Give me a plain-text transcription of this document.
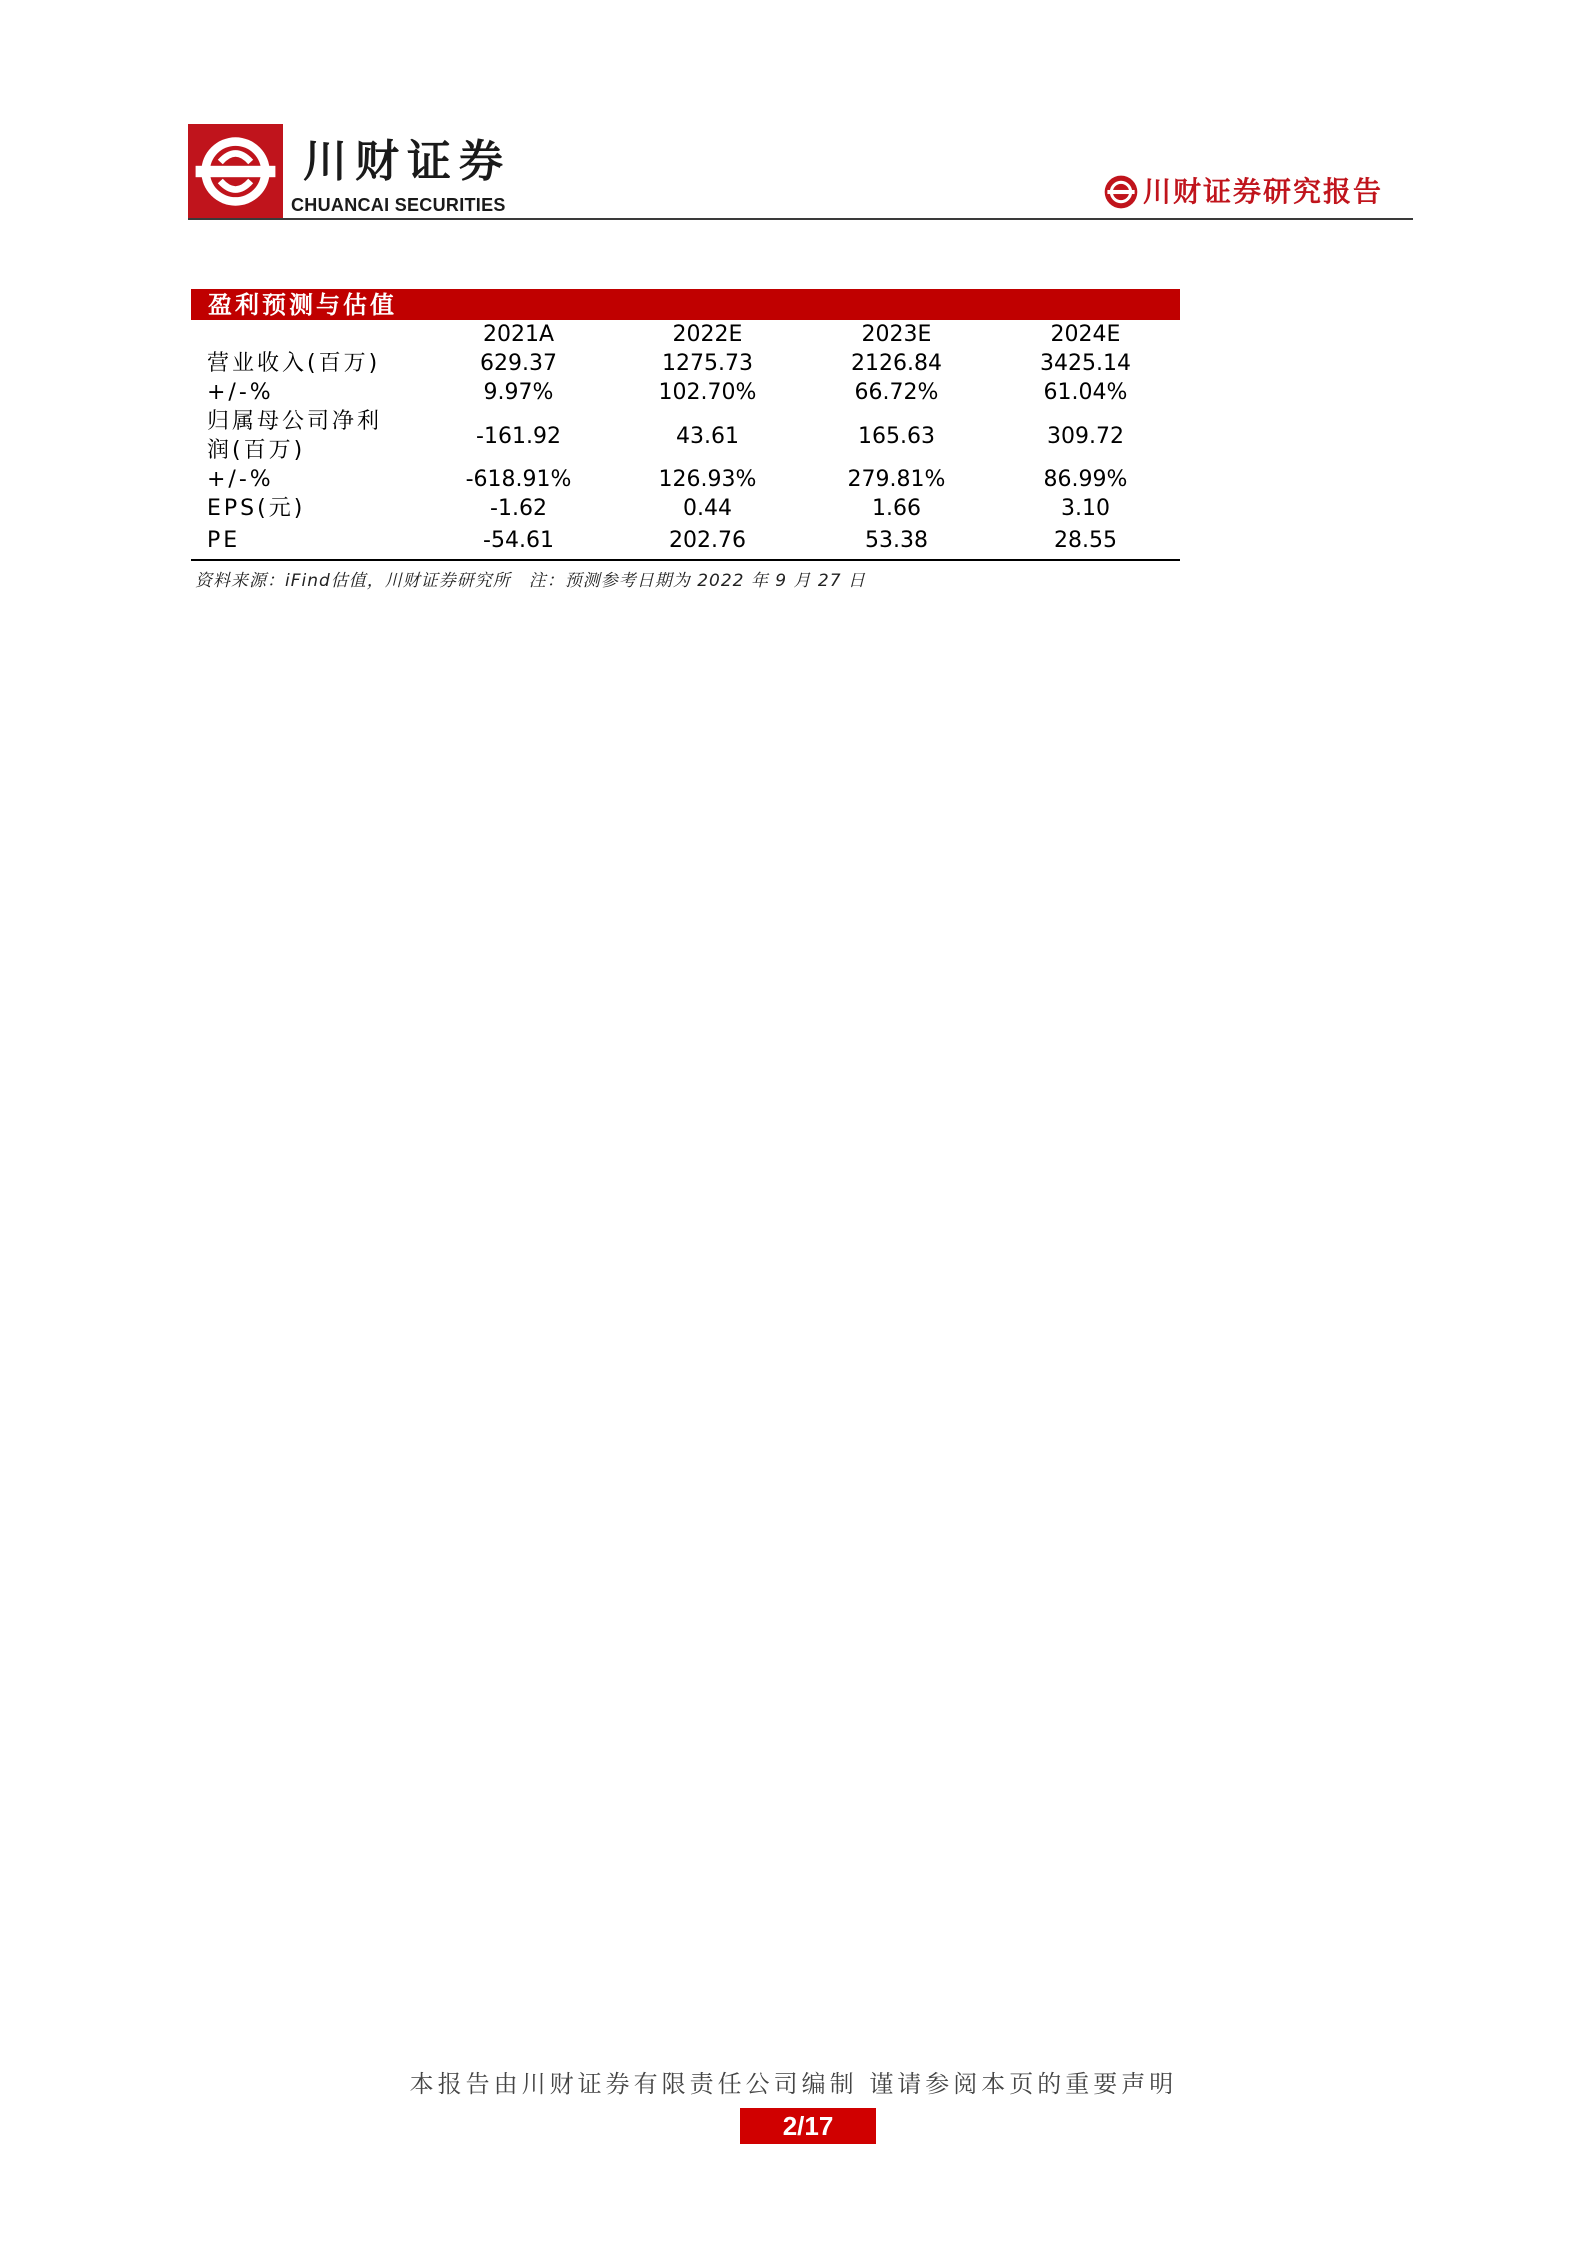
川财证券
CHUANCAI SECURITIES	川财证券研究报告
盈利预测与估值
	2021A	2022E	2023E	2024E
营业收入(百万)	629.37	1275.73	2126.84	3425.14
+/-%	9.97%	102.70%	66.72%	61.04%

归属母公司净利
润(百万)	-161.92	43.61	165.63	309.72
+/-%	-618.91%	126.93%	279.81%	86.99%
EPS(元)	-1.62	0.44	1.66	3.10
PE	-54.61	202.76	53.38	28.55
资料来源：iFind估值，川财证券研究所　注：预测参考日期为 2022 年 9 月 27 日
本报告由川财证券有限责任公司编制 谨请参阅本页的重要声明
2/17
